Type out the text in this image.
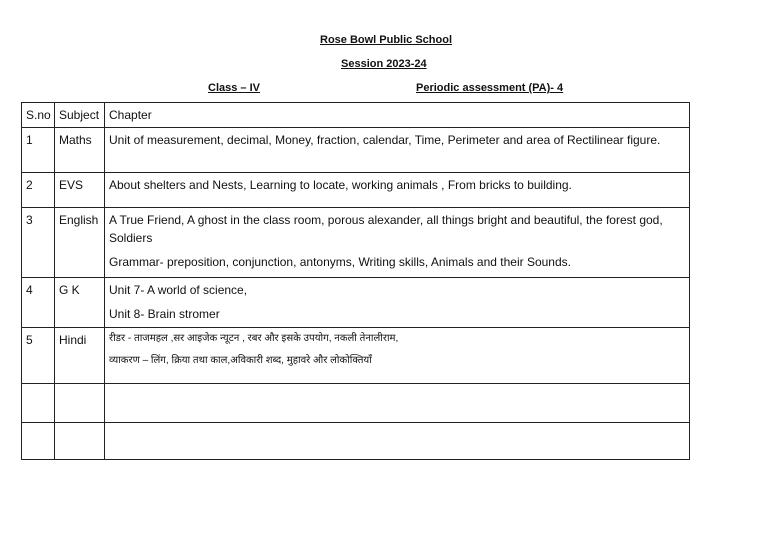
Rose Bowl Public School
Session 2023-24
Class – IV	Periodic assessment (PA)- 4
S.no	Subject	Chapter
1	Maths	Unit of measurement, decimal, Money, fraction, calendar, Time, Perimeter and area of Rectilinear figure.

2	EVS	About shelters and Nests, Learning to locate, working animals , From bricks to building.

3	English	A True Friend, A ghost in the class room, porous alexander, all things bright and beautiful, the forest god, Soldiers
Grammar- preposition, conjunction, antonyms, Writing skills, Animals and their Sounds.

4	G K	Unit 7- A world of science,
Unit 8- Brain stromer

5	Hindi	रीडर - ताजमहल ,सर आइजेक न्यूटन , रबर और इसके उपयोग, नकली तेनालीराम,
व्याकरण – लिंग, क्रिया तथा काल,अविकारी शब्द, मुहावरे और लोकोक्तियाँ
